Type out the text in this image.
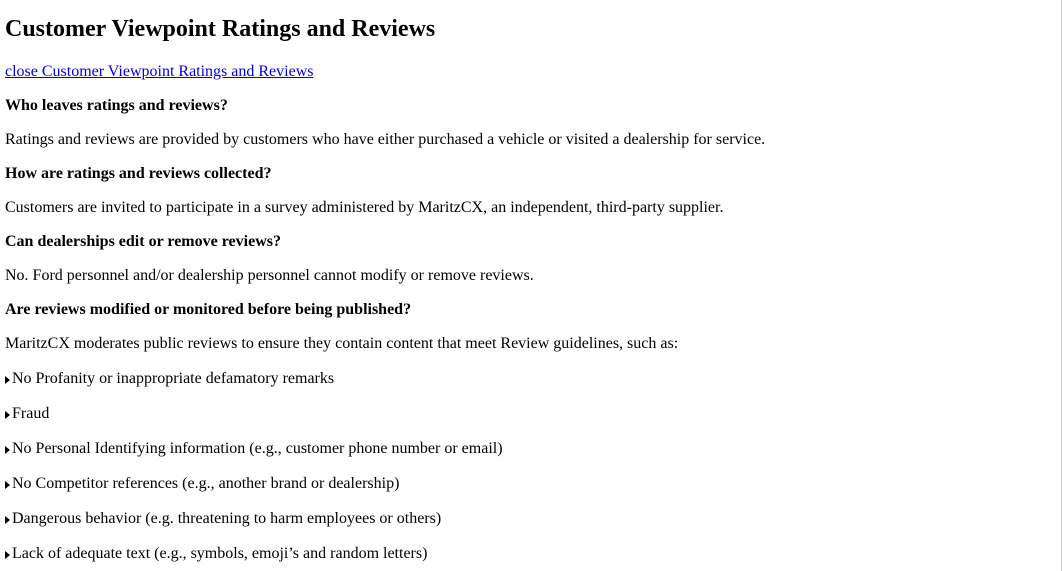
Customer Viewpoint Ratings and Reviews
close Customer Viewpoint Ratings and Reviews
Who leaves ratings and reviews?
Ratings and reviews are provided by customers who have either purchased a vehicle or visited a dealership for service.
How are ratings and reviews collected?
Customers are invited to participate in a survey administered by MaritzCX, an independent, third-party supplier.
Can dealerships edit or remove reviews?
No. Ford personnel and/or dealership personnel cannot modify or remove reviews.
Are reviews modified or monitored before being published?
MaritzCX moderates public reviews to ensure they contain content that meet Review guidelines, such as:
No Profanity or inappropriate defamatory remarks
Fraud
No Personal Identifying information (e.g., customer phone number or email)
No Competitor references (e.g., another brand or dealership)
Dangerous behavior (e.g. threatening to harm employees or others)
Lack of adequate text (e.g., symbols, emoji’s and random letters)
